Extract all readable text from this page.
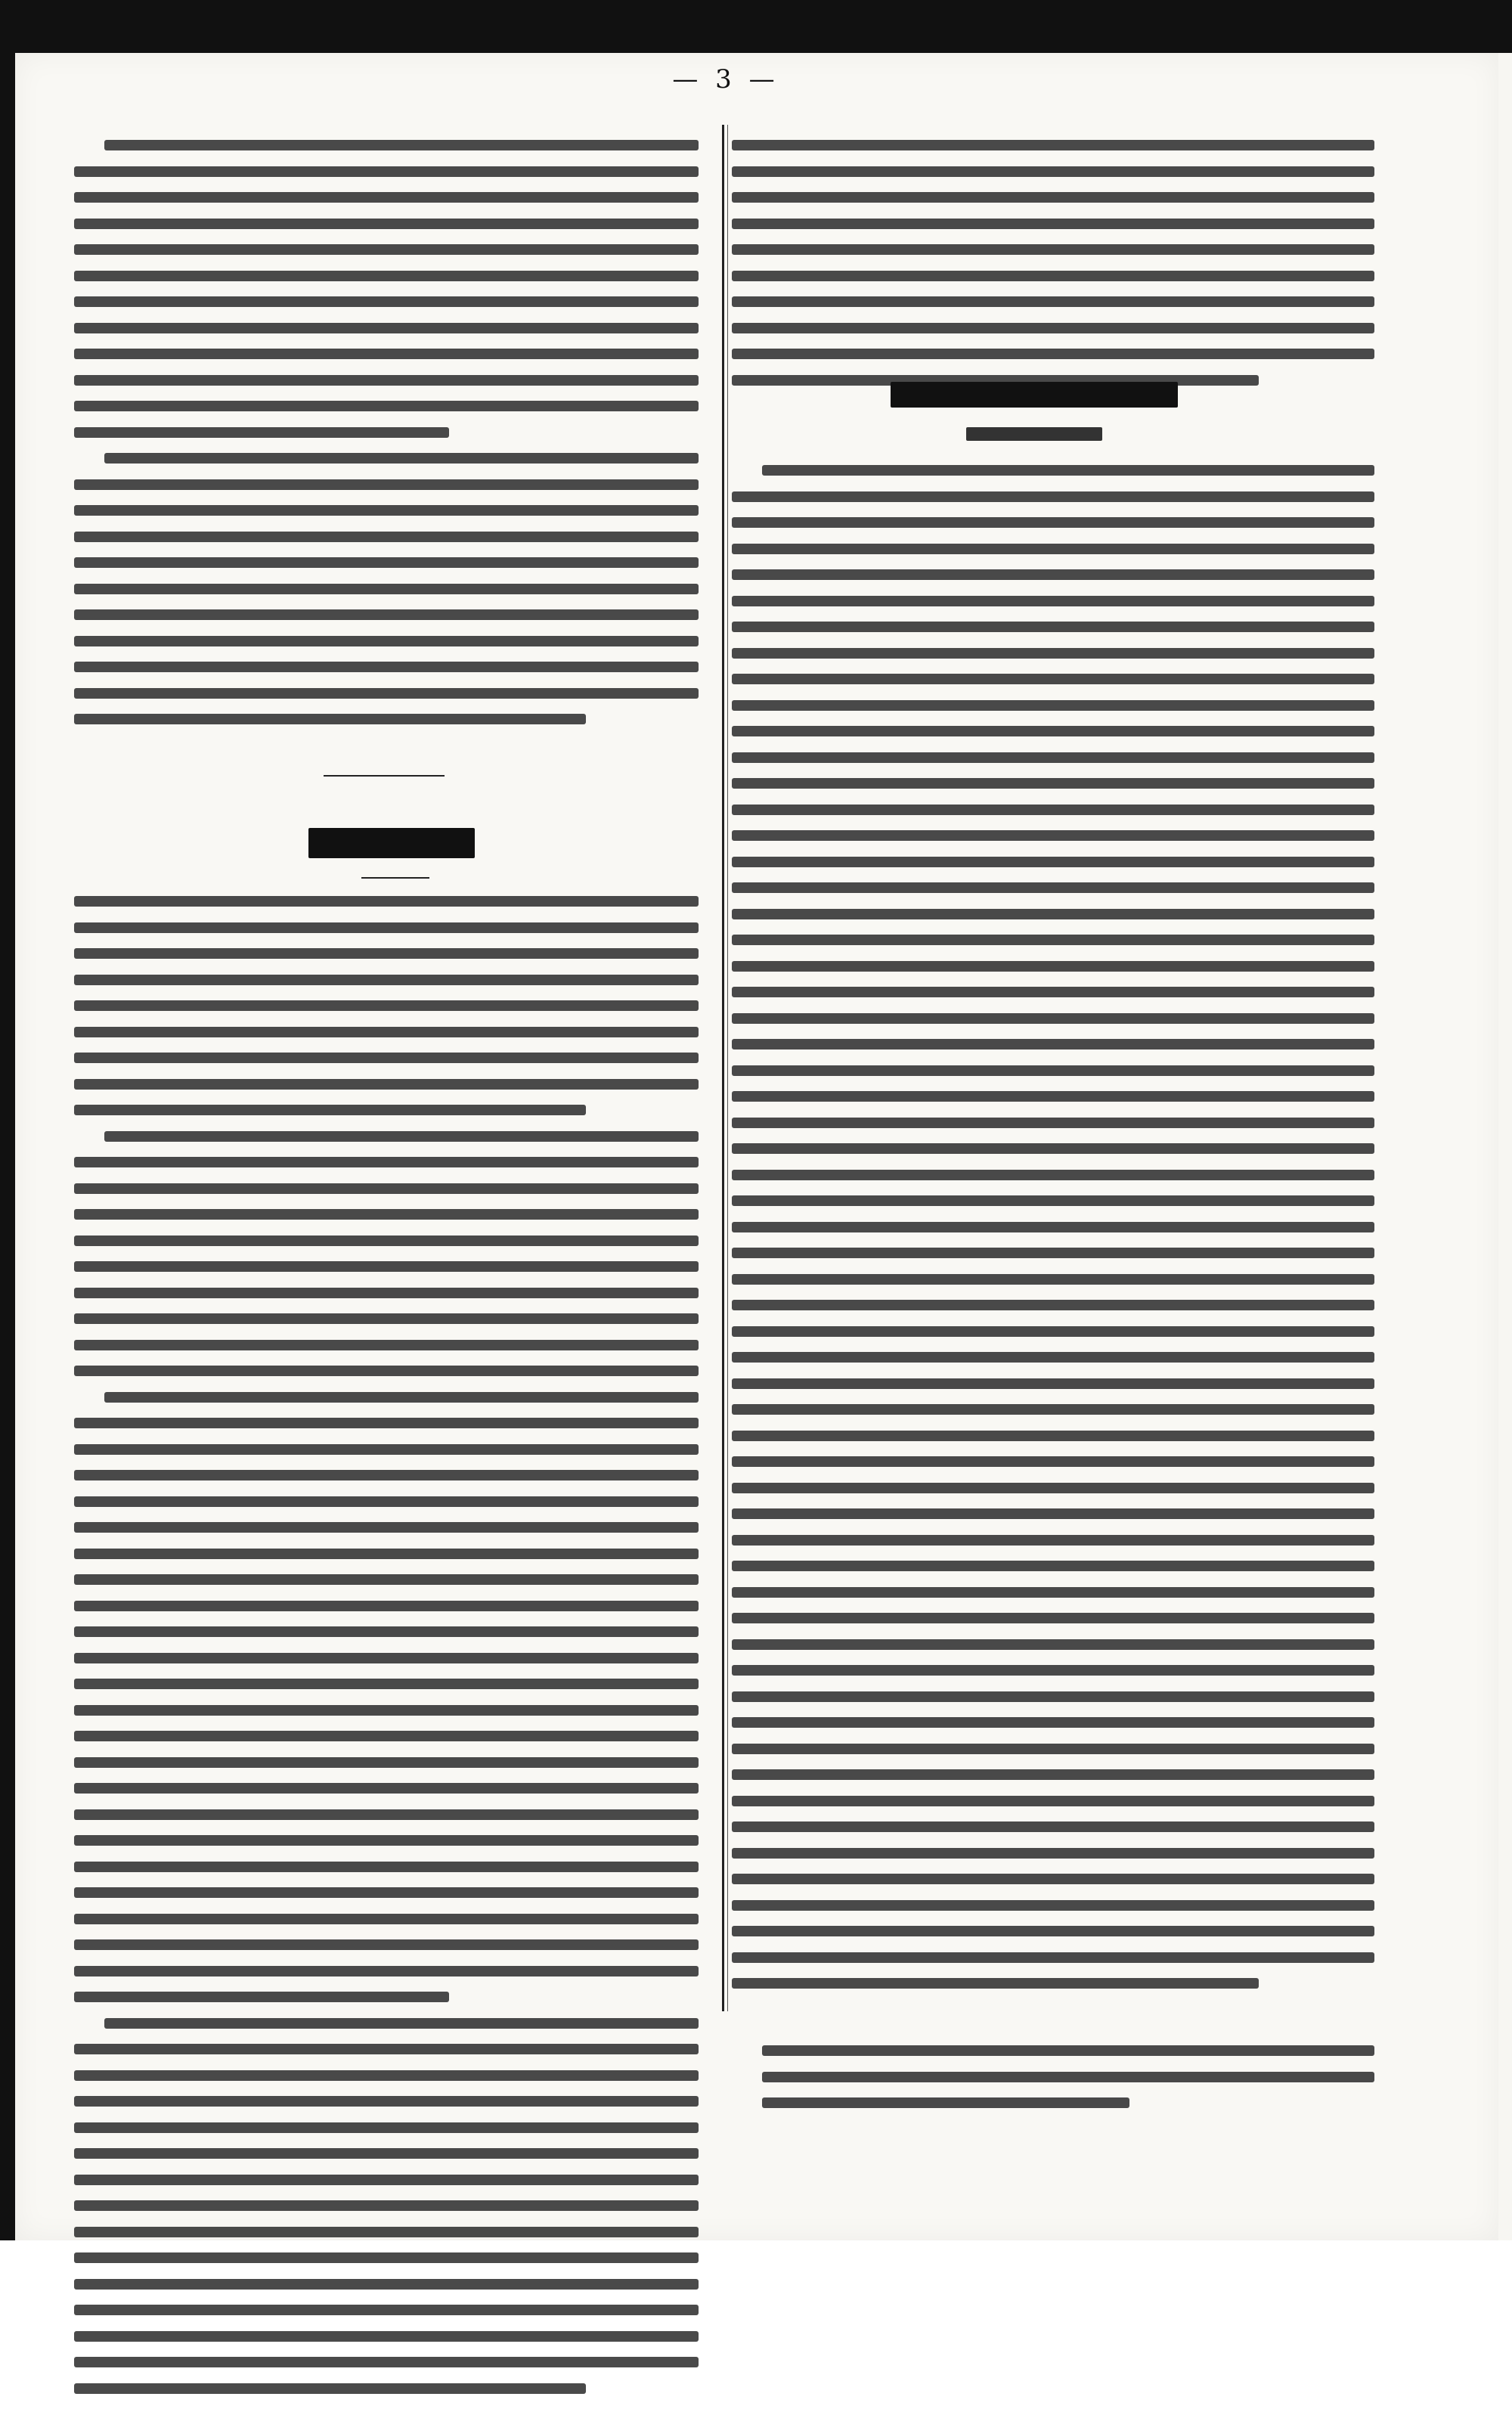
— 3 —
